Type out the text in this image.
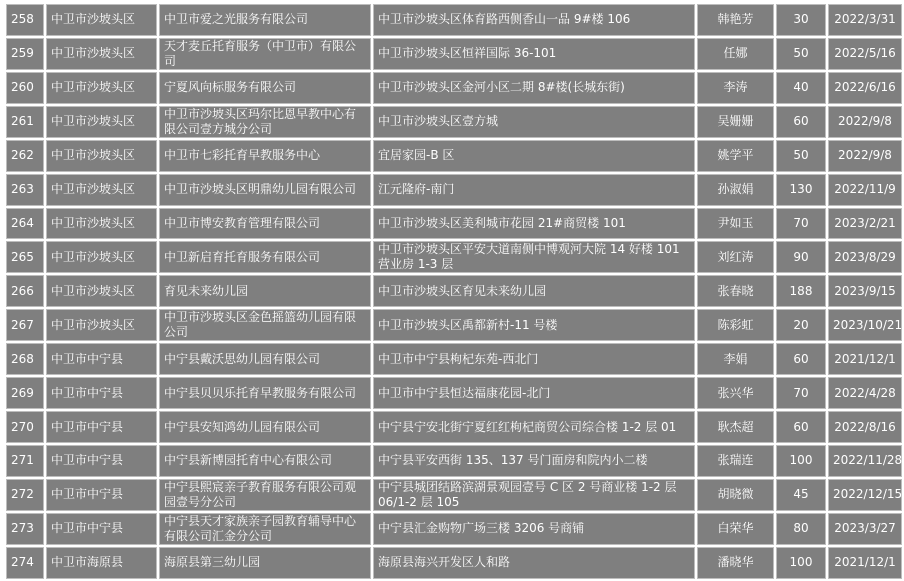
258	中卫市沙坡头区	中卫市爱之光服务有限公司	中卫市沙坡头区体育路西侧香山一品 9#楼 106	韩艳芳	30	2022/3/31
259	中卫市沙坡头区	天才麦丘托育服务（中卫市）有限公司	中卫市沙坡头区恒祥国际 36-101	任娜	50	2022/5/16
260	中卫市沙坡头区	宁夏风向标服务有限公司	中卫市沙坡头区金河小区二期 8#楼(长城东街)	李涛	40	2022/6/16
261	中卫市沙坡头区	中卫市沙坡头区玛尔比恩早教中心有限公司壹方城分公司	中卫市沙坡头区壹方城	吴姗姗	60	2022/9/8
262	中卫市沙坡头区	中卫市七彩托育早教服务中心	宜居家园-B 区	姚学平	50	2022/9/8
263	中卫市沙坡头区	中卫市沙坡头区明鼎幼儿园有限公司	江元隆府-南门	孙淑娟	130	2022/11/9
264	中卫市沙坡头区	中卫市博安教育管理有限公司	中卫市沙坡头区美利城市花园 21#商贸楼 101	尹如玉	70	2023/2/21
265	中卫市沙坡头区	中卫新启育托育服务有限公司	中卫市沙坡头区平安大道南侧中博观河大院 14 好楼 101 营业房 1-3 层	刘红涛	90	2023/8/29
266	中卫市沙坡头区	育见未来幼儿园	中卫市沙坡头区育见未来幼儿园	张春晓	188	2023/9/15
267	中卫市沙坡头区	中卫市沙坡头区金色摇篮幼儿园有限公司	中卫市沙坡头区禹都新村-11 号楼	陈彩虹	20	2023/10/21
268	中卫市中宁县	中宁县戴沃思幼儿园有限公司	中卫市中宁县枸杞东苑-西北门	李娟	60	2021/12/1
269	中卫市中宁县	中宁县贝贝乐托育早教服务有限公司	中卫市中宁县恒达福康花园-北门	张兴华	70	2022/4/28
270	中卫市中宁县	中宁县安知鸿幼儿园有限公司	中宁县宁安北街宁夏红红枸杞商贸公司综合楼 1-2 层 01	耿杰超	60	2022/8/16
271	中卫市中宁县	中宁县新博园托育中心有限公司	中宁县平安西街 135、137 号门面房和院内小二楼	张瑞连	100	2022/11/28
272	中卫市中宁县	中宁县熙宸亲子教育服务有限公司观园壹号分公司	中宁县城团结路滨湖景观园壹号 C 区 2 号商业楼 1-2 层 06/1-2 层 105	胡晓微	45	2022/12/15
273	中卫市中宁县	中宁县天才家族亲子园教育辅导中心有限公司汇金分公司	中宁县汇金购物广场三楼 3206 号商铺	白荣华	80	2023/3/27
274	中卫市海原县	海原县第三幼儿园	海原县海兴开发区人和路	潘晓华	100	2021/12/1
